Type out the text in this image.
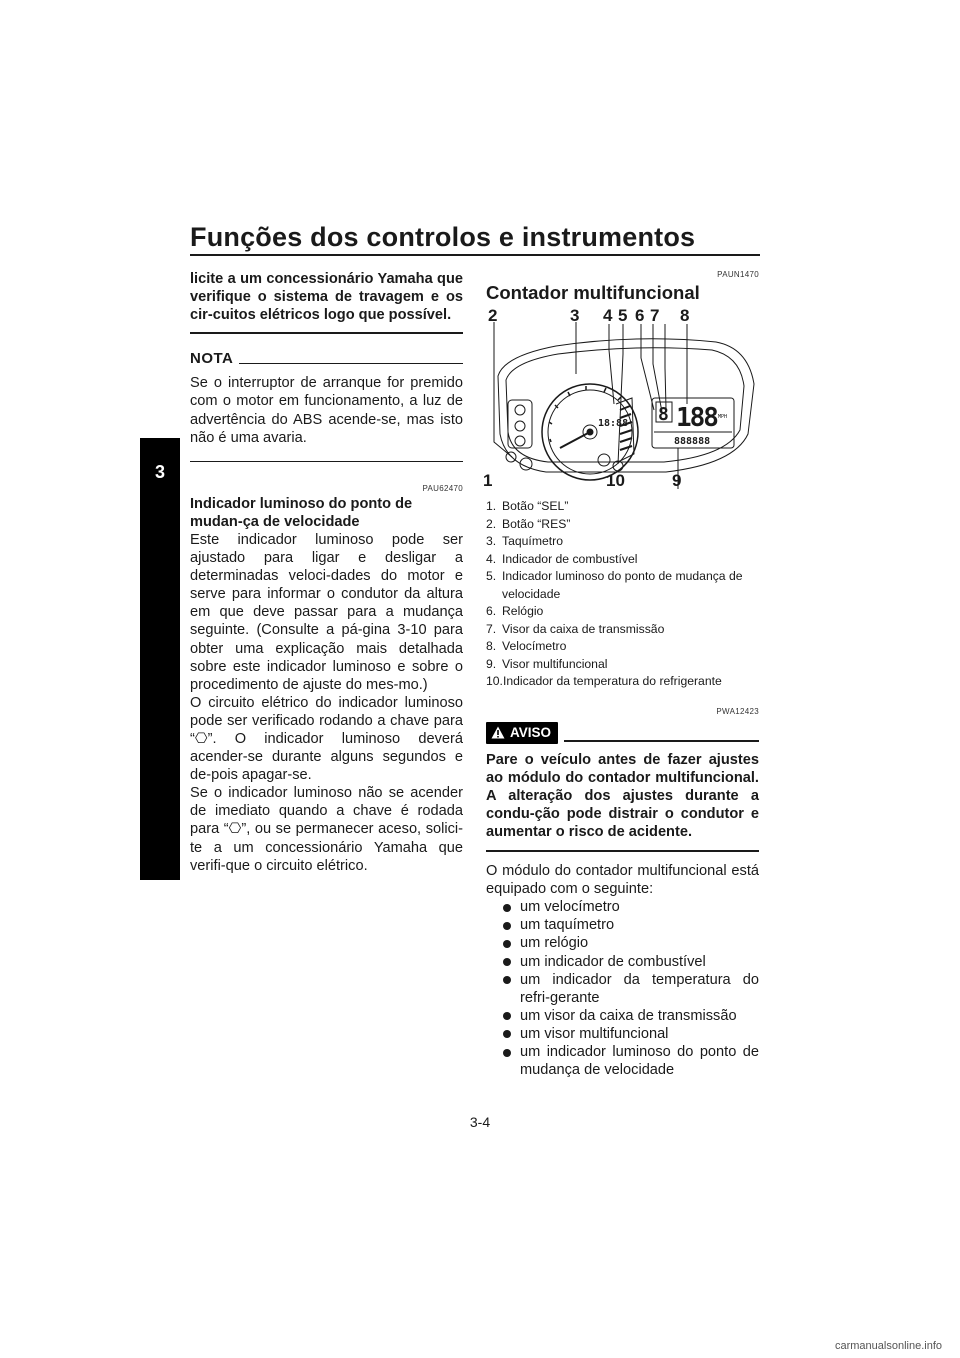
Funções dos controlos e instrumentos
3
licite a um concessionário Yamaha que verifique o sistema de travagem e os cir-cuitos elétricos logo que possível.
NOTA
Se o interruptor de arranque for premido com o motor em funcionamento, a luz de advertência do ABS acende-se, mas isto não é uma avaria.
PAU62470
Indicador luminoso do ponto de mudan-ça de velocidade
Este indicador luminoso pode ser ajustado para ligar e desligar a determinadas veloci-dades do motor e serve para informar o condutor da altura em que deve passar para a mudança seguinte. (Consulte a pá-gina 3-10 para obter uma explicação mais detalhada sobre este indicador luminoso e sobre o procedimento de ajuste do mes-mo.)
O circuito elétrico do indicador luminoso pode ser verificado rodando a chave para “⎔”. O indicador luminoso deverá acender-se durante alguns segundos e de-pois apagar-se.
Se o indicador luminoso não se acender de imediato quando a chave é rodada para “⎔”, ou se permanecer aceso, solici-te a um concessionário Yamaha que verifi-que o circuito elétrico.
PAUN1470
Contador multifuncional
8 188 MPH
18:88
888888
2	3 4 5 6 7 8
1	10	9
1. Botão “SEL”
2. Botão “RES”
3. Taquímetro
4. Indicador de combustível
5. Indicador luminoso do ponto de mudança de velocidade
6. Relógio
7. Visor da caixa de transmissão
8. Velocímetro
9. Visor multifuncional
10. Indicador da temperatura do refrigerante
PWA12423
AVISO
Pare o veículo antes de fazer ajustes ao módulo do contador multifuncional. A alteração dos ajustes durante a condu-ção pode distrair o condutor e aumentar o risco de acidente.
O módulo do contador multifuncional está equipado com o seguinte:
um velocímetro
um taquímetro
um relógio
um indicador de combustível
um indicador da temperatura do refri-gerante
um visor da caixa de transmissão
um visor multifuncional
um indicador luminoso do ponto de mudança de velocidade
3-4
carmanualsonline.info
